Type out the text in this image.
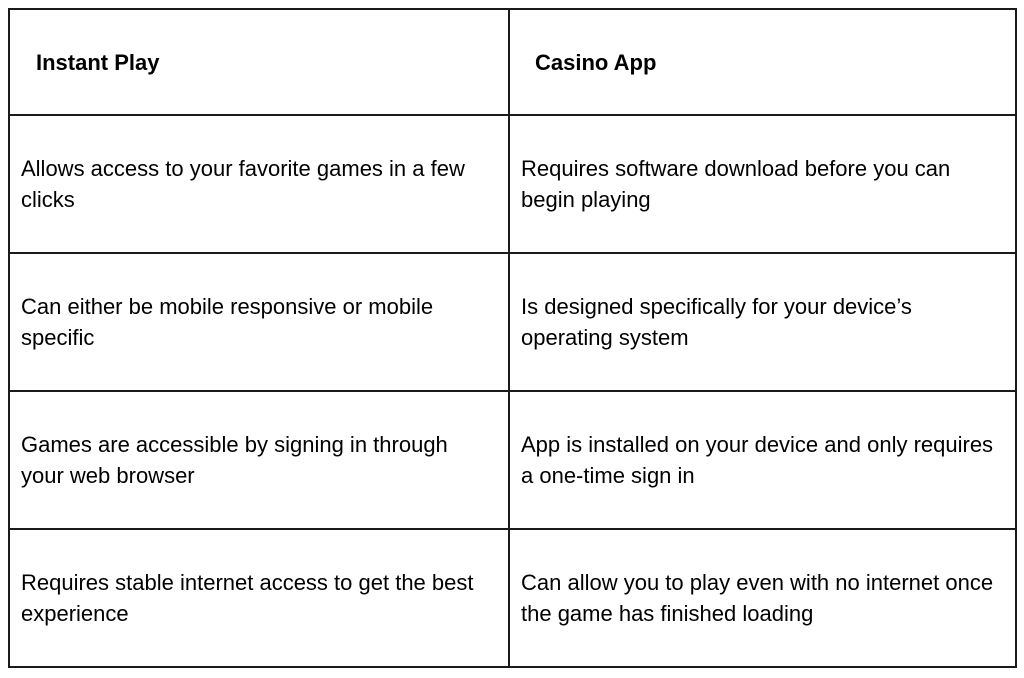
Instant Play	Casino App
Allows access to your favorite games in a few clicks	Requires software download before you can begin playing
Can either be mobile responsive or mobile specific	Is designed specifically for your device’s operating system
Games are accessible by signing in through your web browser	App is installed on your device and only requires a one-time sign in
Requires stable internet access to get the best experience	Can allow you to play even with no internet once the game has finished loading
